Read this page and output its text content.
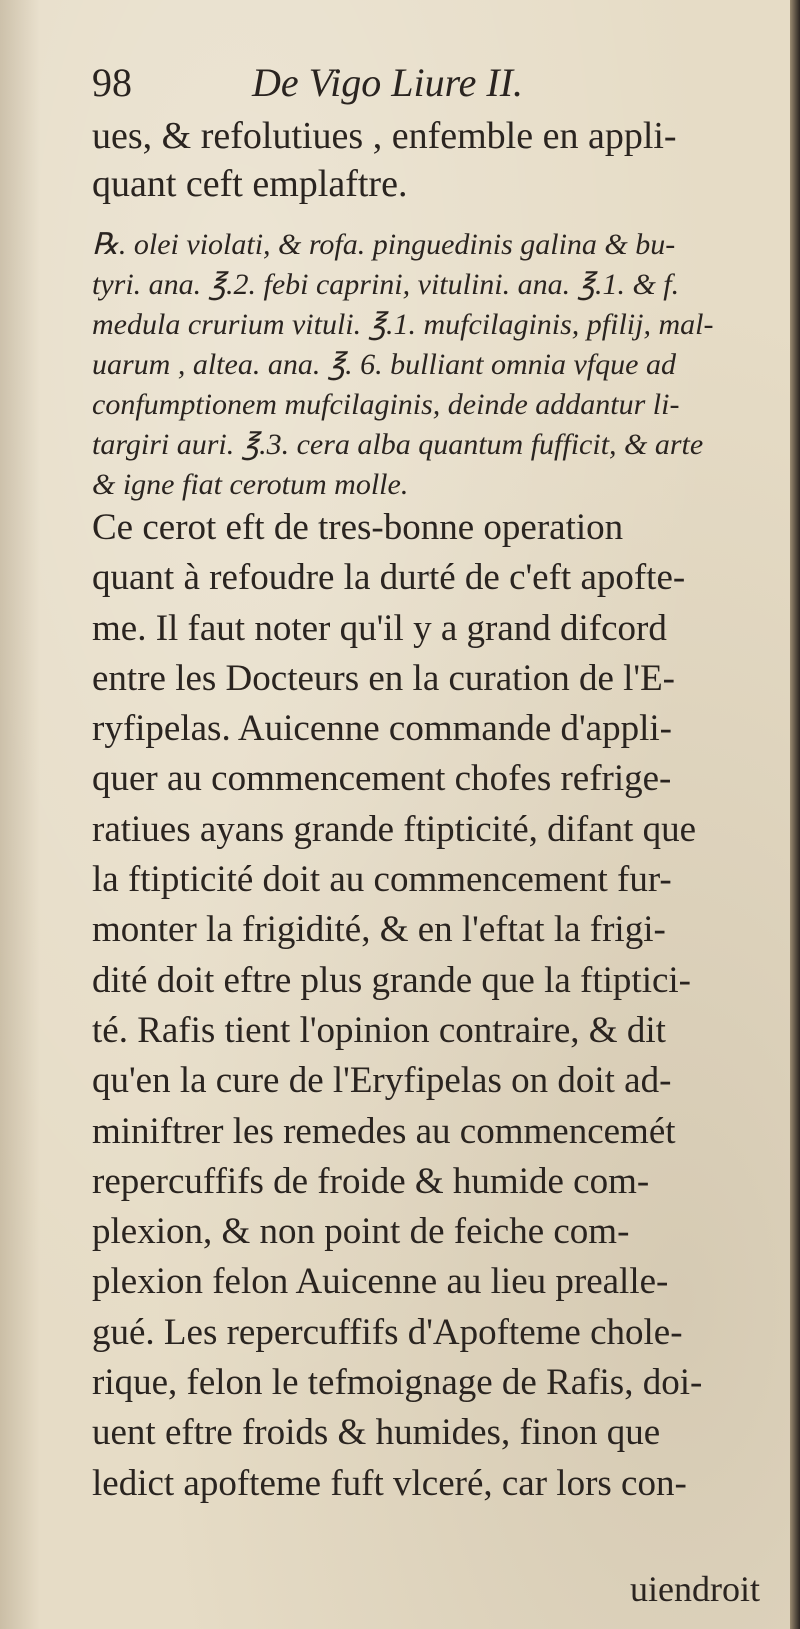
98	De Vigo Liure II.
ues, & refolutiues , enfemble en appli-
quant ceft emplaftre.
℞. olei violati, & rofa. pinguedinis galina & bu-
tyri. ana. ℥.2. febi caprini, vitulini. ana. ℥.1. & f.
medula crurium vituli. ℥.1. mufcilaginis, pfilij, mal-
uarum , altea. ana. ℥. 6. bulliant omnia vfque ad
confumptionem mufcilaginis, deinde addantur li-
targiri auri. ℥.3. cera alba quantum fufficit, & arte
& igne fiat cerotum molle.
Ce cerot eft de tres-bonne operation
quant à refoudre la durté de c'eft apofte-
me. Il faut noter qu'il y a grand difcord
entre les Docteurs en la curation de l'E-
ryfipelas. Auicenne commande d'appli-
quer au commencement chofes refrige-
ratiues ayans grande ftipticité, difant que
la ftipticité doit au commencement fur-
monter la frigidité, & en l'eftat la frigi-
dité doit eftre plus grande que la ftiptici-
té. Rafis tient l'opinion contraire, & dit
qu'en la cure de l'Eryfipelas on doit ad-
miniftrer les remedes au commencemét
repercuffifs de froide & humide com-
plexion, & non point de feiche com-
plexion felon Auicenne au lieu prealle-
gué. Les repercuffifs d'Apofteme chole-
rique, felon le tefmoignage de Rafis, doi-
uent eftre froids & humides, finon que
ledict apofteme fuft vlceré, car lors con-
uiendroit
